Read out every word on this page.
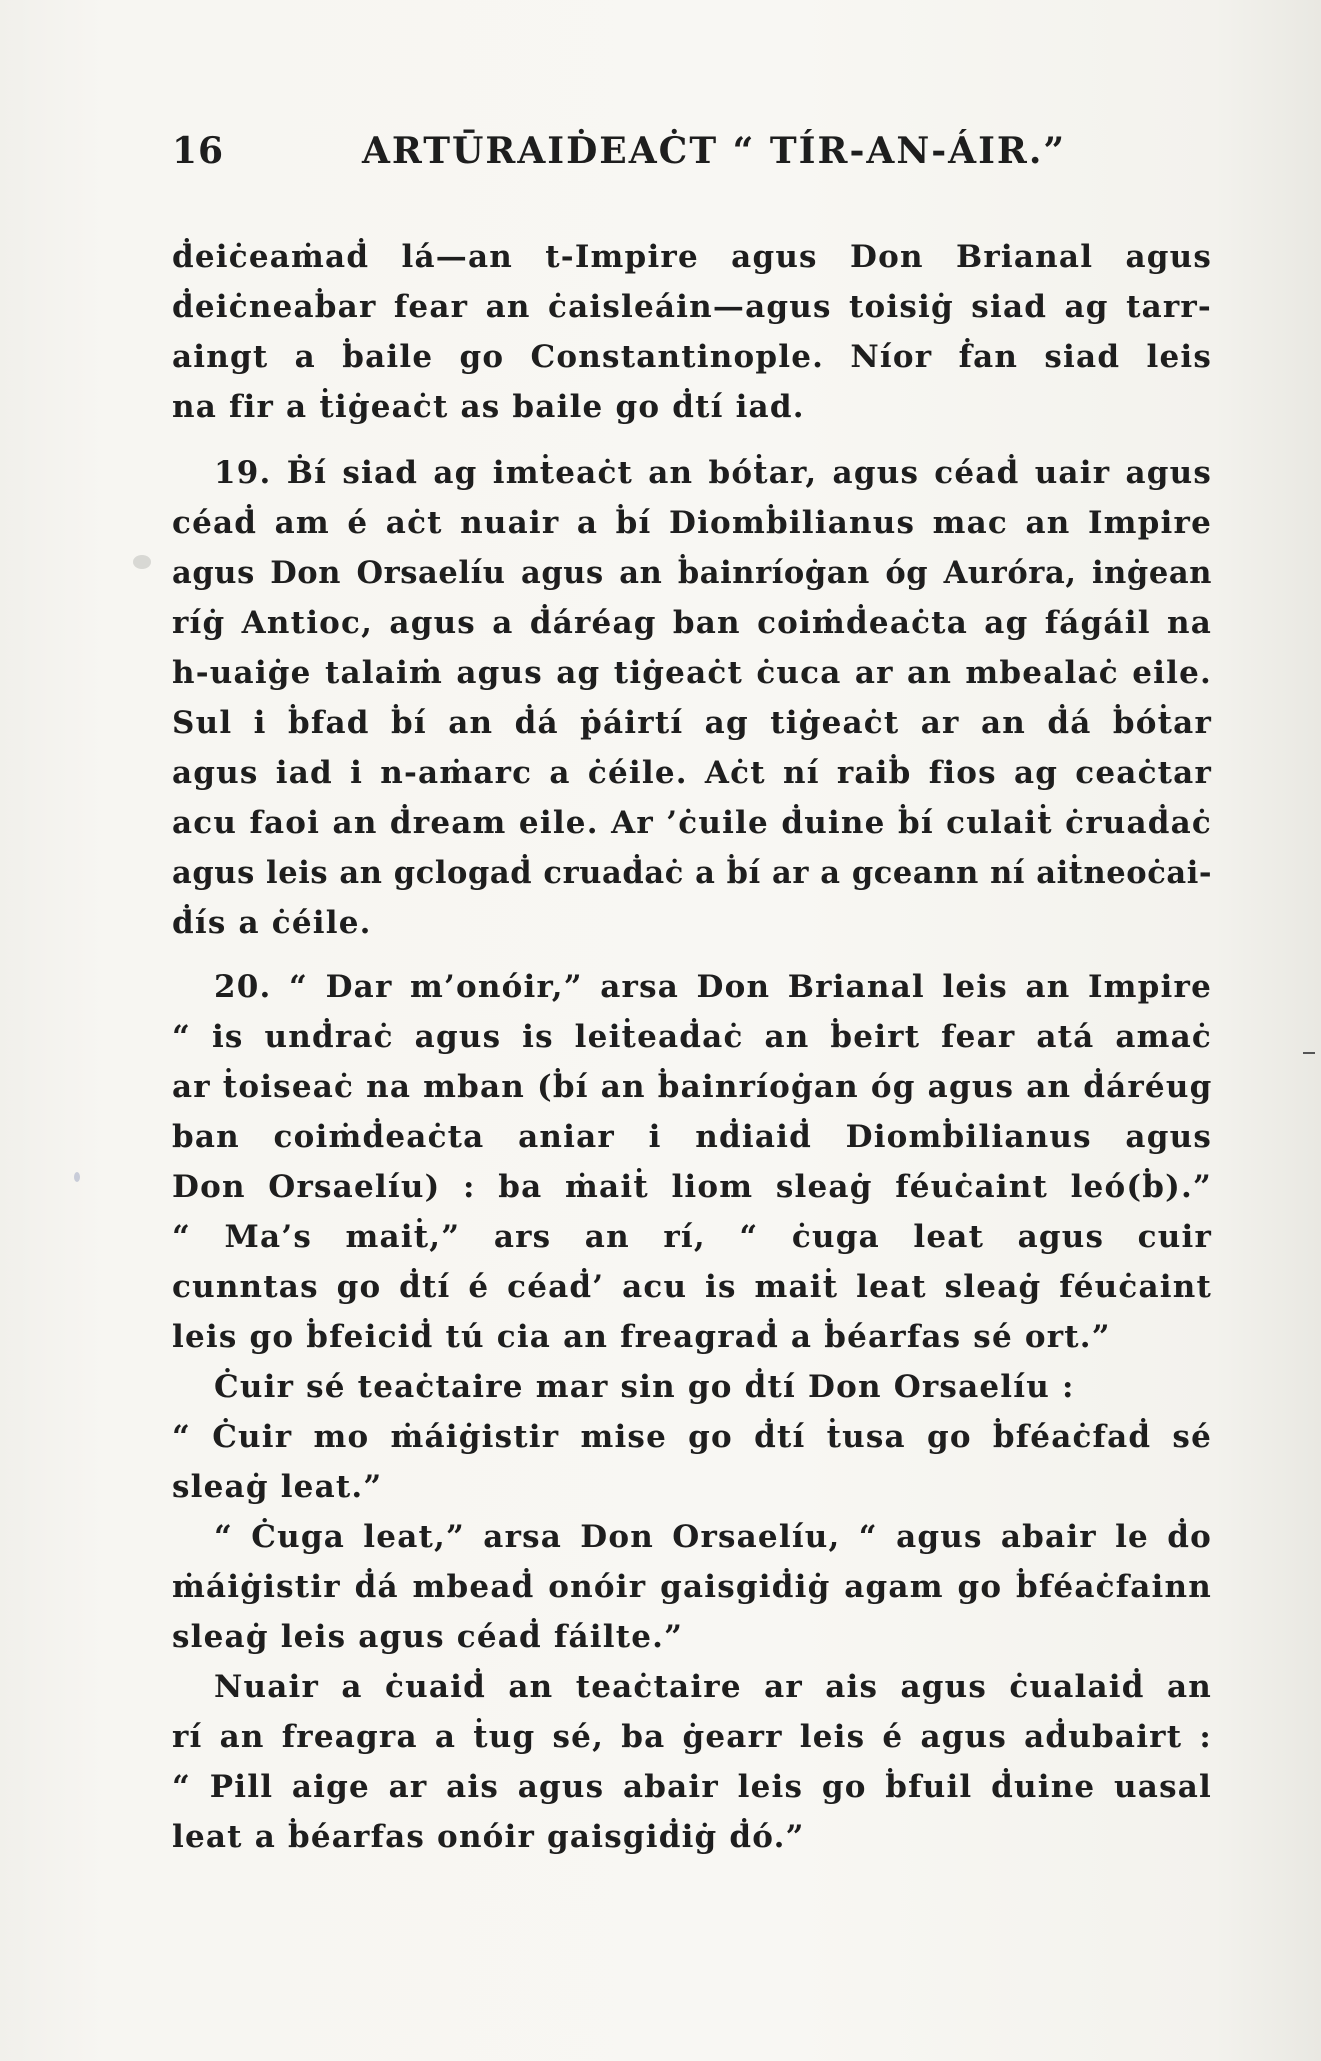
16	ARTŪRAIḊEAĊT “ TÍR-AN-ÁIR.”
ḋeiċeaṁaḋ lá—an t-Impire agus Don Brianal agus
ḋeiċneaḃar fear an ċaisleáin—agus toisiġ siad ag tarr-
aingt a ḃaile go Constantinople. Níor ḟan siad leis
na fir a ṫiġeaċt as baile go ḋtí iad.
19. Ḃí siad ag imṫeaċt an bóṫar, agus céaḋ uair agus
céaḋ am é aċt nuair a ḃí Diomḃilianus mac an Impire
agus Don Orsaelíu agus an ḃainríoġan óg Auróra, inġean
ríġ Antioc, agus a ḋáréag ban coiṁḋeaċta ag fágáil na
h-uaiġe talaiṁ agus ag tiġeaċt ċuca ar an mbealaċ eile.
Sul i ḃfad ḃí an ḋá ṗáirtí ag tiġeaċt ar an ḋá ḃóṫar
agus iad i n-aṁarc a ċéile. Aċt ní raiḃ fios ag ceaċtar
acu faoi an ḋream eile. Ar ’ċuile ḋuine ḃí culaiṫ ċruaḋaċ
agus leis an gclogaḋ cruaḋaċ a ḃí ar a gceann ní aiṫneoċai-
ḋís a ċéile.
20. “ Dar m’onóir,” arsa Don Brianal leis an Impire
“ is unḋraċ agus is leiṫeaḋaċ an ḃeirt fear atá amaċ
ar ṫoiseaċ na mban (ḃí an ḃainríoġan óg agus an ḋáréug
ban coiṁḋeaċta aniar i nḋiaiḋ Diomḃilianus agus
Don Orsaelíu) : ba ṁaiṫ liom sleaġ féuċaint leó(ḃ).”
“ Ma’s maiṫ,” ars an rí, “ ċuga leat agus cuir
cunntas go ḋtí é céaḋ’ acu is maiṫ leat sleaġ féuċaint
leis go ḃfeiciḋ tú cia an freagraḋ a ḃéarfas sé ort.”
Ċuir sé teaċtaire mar sin go ḋtí Don Orsaelíu :
“ Ċuir mo ṁáiġistir mise go ḋtí ṫusa go ḃféaċfaḋ sé
sleaġ leat.”
“ Ċuga leat,” arsa Don Orsaelíu, “ agus abair le ḋo
ṁáiġistir ḋá mbeaḋ onóir gaisgiḋiġ agam go ḃféaċfainn
sleaġ leis agus céaḋ fáilte.”
Nuair a ċuaiḋ an teaċtaire ar ais agus ċualaiḋ an
rí an freagra a ṫug sé, ba ġearr leis é agus aḋubairt :
“ Pill aige ar ais agus abair leis go ḃfuil ḋuine uasal
leat a ḃéarfas onóir gaisgiḋiġ ḋó.”
